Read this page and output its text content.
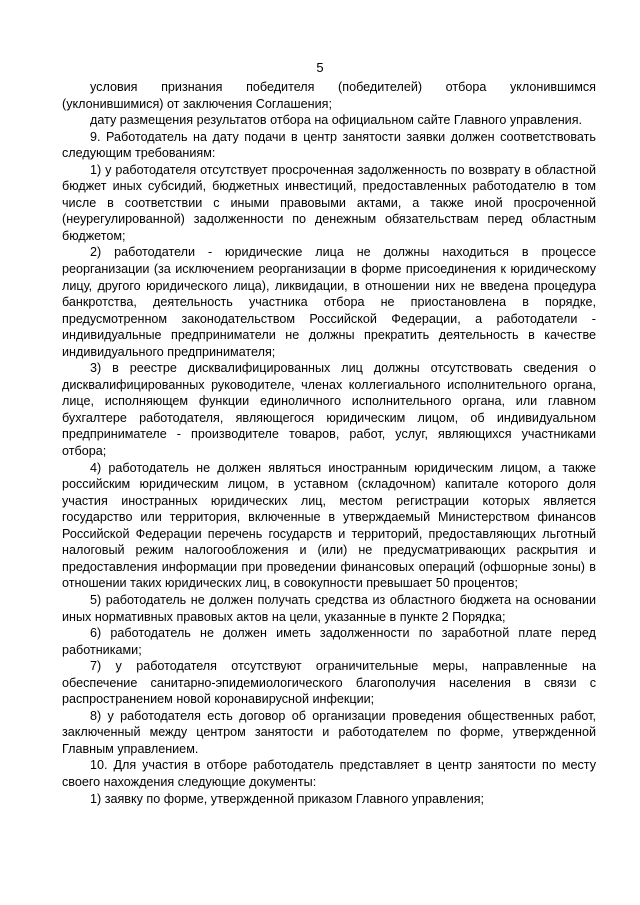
5

условия признания победителя (победителей) отбора уклонившимся (уклонившимися) от заключения Соглашения;

дату размещения результатов отбора на официальном сайте Главного управления.

9. Работодатель на дату подачи в центр занятости заявки должен соответствовать следующим требованиям:

1) у работодателя отсутствует просроченная задолженность по возврату в областной бюджет иных субсидий, бюджетных инвестиций, предоставленных работодателю в том числе в соответствии с иными правовыми актами, а также иной просроченной (неурегулированной) задолженности по денежным обязательствам перед областным бюджетом;

2) работодатели - юридические лица не должны находиться в процессе реорганизации (за исключением реорганизации в форме присоединения к юридическому лицу, другого юридического лица), ликвидации, в отношении них не введена процедура банкротства, деятельность участника отбора не приостановлена в порядке, предусмотренном законодательством Российской Федерации, а работодатели - индивидуальные предприниматели не должны прекратить деятельность в качестве индивидуального предпринимателя;

3) в реестре дисквалифицированных лиц должны отсутствовать сведения о дисквалифицированных руководителе, членах коллегиального исполнительного органа, лице, исполняющем функции единоличного исполнительного органа, или главном бухгалтере работодателя, являющегося юридическим лицом, об индивидуальном предпринимателе - производителе товаров, работ, услуг, являющихся участниками отбора;

4) работодатель не должен являться иностранным юридическим лицом, а также российским юридическим лицом, в уставном (складочном) капитале которого доля участия иностранных юридических лиц, местом регистрации которых является государство или территория, включенные в утверждаемый Министерством финансов Российской Федерации перечень государств и территорий, предоставляющих льготный налоговый режим налогообложения и (или) не предусматривающих раскрытия и предоставления информации при проведении финансовых операций (офшорные зоны) в отношении таких юридических лиц, в совокупности превышает 50 процентов;

5) работодатель не должен получать средства из областного бюджета на основании иных нормативных правовых актов на цели, указанные в пункте 2 Порядка;

6) работодатель не должен иметь задолженности по заработной плате перед работниками;

7) у работодателя отсутствуют ограничительные меры, направленные на обеспечение санитарно-эпидемиологического благополучия населения в связи с распространением новой коронавирусной инфекции;

8) у работодателя есть договор об организации проведения общественных работ, заключенный между центром занятости и работодателем по форме, утвержденной Главным управлением.

10. Для участия в отборе работодатель представляет в центр занятости по месту своего нахождения следующие документы:

1) заявку по форме, утвержденной приказом Главного управления;
